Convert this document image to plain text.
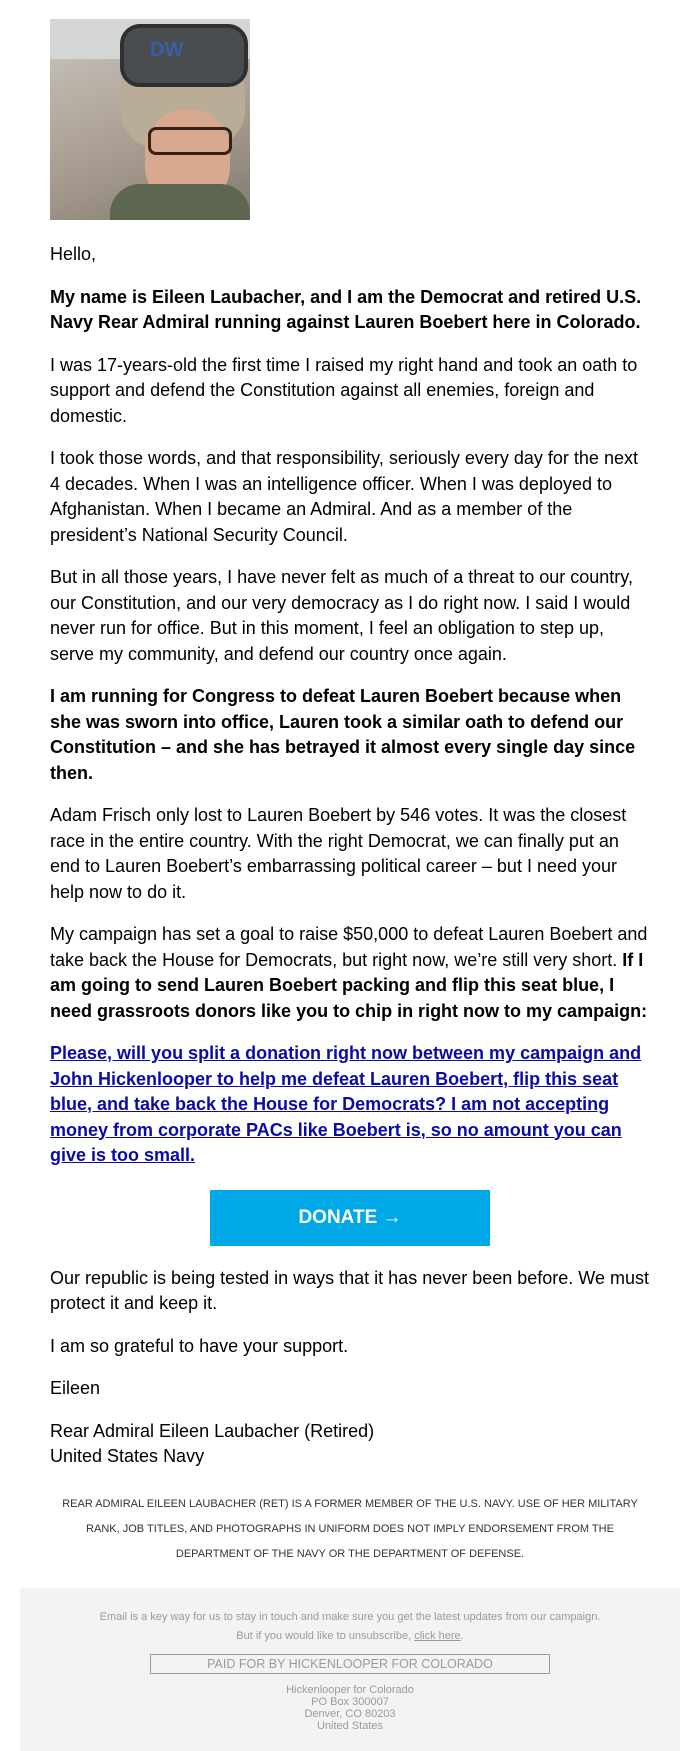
DW

Hello,

My name is Eileen Laubacher, and I am the Democrat and retired U.S. Navy Rear Admiral running against Lauren Boebert here in Colorado.

I was 17-years-old the first time I raised my right hand and took an oath to support and defend the Constitution against all enemies, foreign and domestic.

I took those words, and that responsibility, seriously every day for the next 4 decades. When I was an intelligence officer. When I was deployed to Afghanistan. When I became an Admiral. And as a member of the president’s National Security Council.

But in all those years, I have never felt as much of a threat to our country, our Constitution, and our very democracy as I do right now. I said I would never run for office. But in this moment, I feel an obligation to step up, serve my community, and defend our country once again.

I am running for Congress to defeat Lauren Boebert because when she was sworn into office, Lauren took a similar oath to defend our Constitution – and she has betrayed it almost every single day since then.

Adam Frisch only lost to Lauren Boebert by 546 votes. It was the closest race in the entire country. With the right Democrat, we can finally put an end to Lauren Boebert’s embarrassing political career – but I need your help now to do it.

My campaign has set a goal to raise $50,000 to defeat Lauren Boebert and take back the House for Democrats, but right now, we’re still very short. If I am going to send Lauren Boebert packing and flip this seat blue, I need grassroots donors like you to chip in right now to my campaign:

Please, will you split a donation right now between my campaign and John Hickenlooper to help me defeat Lauren Boebert, flip this seat blue, and take back the House for Democrats? I am not accepting money from corporate PACs like Boebert is, so no amount you can give is too small.

DONATE →

Our republic is being tested in ways that it has never been before. We must protect it and keep it.

I am so grateful to have your support.

Eileen

Rear Admiral Eileen Laubacher (Retired)
United States Navy

REAR ADMIRAL EILEEN LAUBACHER (RET) IS A FORMER MEMBER OF THE U.S. NAVY. USE OF HER MILITARY RANK, JOB TITLES, AND PHOTOGRAPHS IN UNIFORM DOES NOT IMPLY ENDORSEMENT FROM THE DEPARTMENT OF THE NAVY OR THE DEPARTMENT OF DEFENSE.
Email is a key way for us to stay in touch and make sure you get the latest updates from our campaign.
But if you would like to unsubscribe, click here.
PAID FOR BY HICKENLOOPER FOR COLORADO
Hickenlooper for Colorado
PO Box 300007
Denver, CO 80203
United States
